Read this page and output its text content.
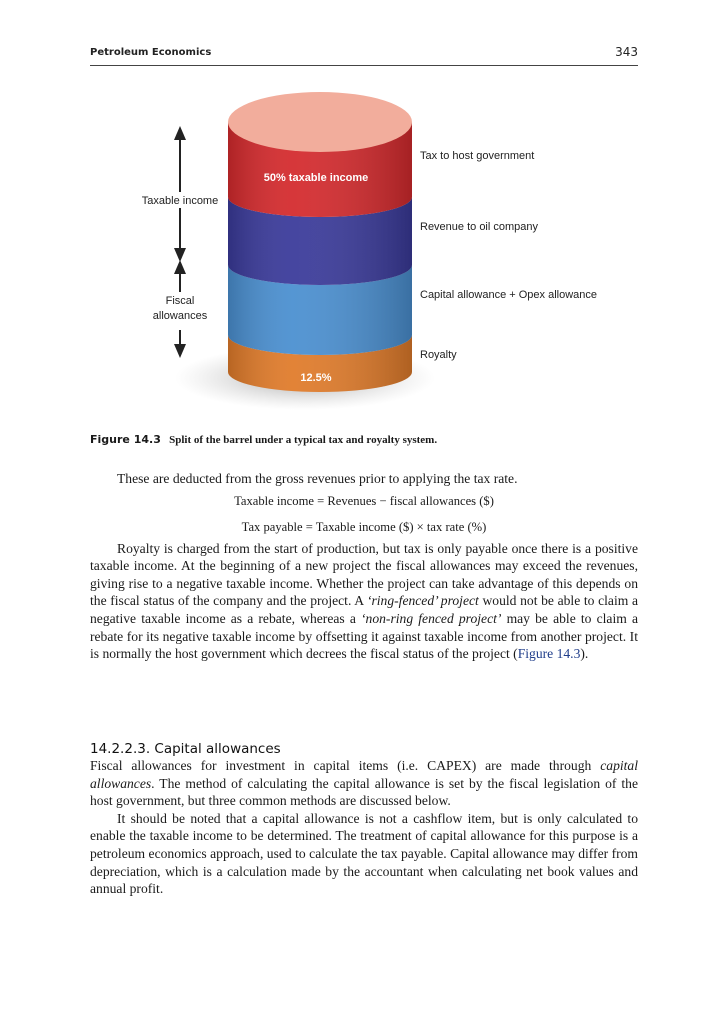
Petroleum Economics	343
50% taxable income
12.5%
Tax to host government
Revenue to oil company
Capital allowance + Opex allowance
Royalty
Taxable income
Fiscal
allowances
Figure 14.3 Split of the barrel under a typical tax and royalty system.

These are deducted from the gross revenues prior to applying the tax rate.

Taxable income = Revenues − fiscal allowances ($)
Tax payable = Taxable income ($) × tax rate (%)

Royalty is charged from the start of production, but tax is only payable once there is a positive taxable income. At the beginning of a new project the fiscal allowances may exceed the revenues, giving rise to a negative taxable income. Whether the project can take advantage of this depends on the fiscal status of the company and the project. A ‘ring-fenced’ project would not be able to claim a negative taxable income as a rebate, whereas a ‘non-ring fenced project’ may be able to claim a rebate for its negative taxable income by offsetting it against taxable income from another project. It is normally the host government which decrees the fiscal status of the project (Figure 14.3).

14.2.2.3. Capital allowances

Fiscal allowances for investment in capital items (i.e. CAPEX) are made through capital allowances. The method of calculating the capital allowance is set by the fiscal legislation of the host government, but three common methods are discussed below.

It should be noted that a capital allowance is not a cashflow item, but is only calculated to enable the taxable income to be determined. The treatment of capital allowance for this purpose is a petroleum economics approach, used to calculate the tax payable. Capital allowance may differ from depreciation, which is a calculation made by the accountant when calculating net book values and annual profit.
